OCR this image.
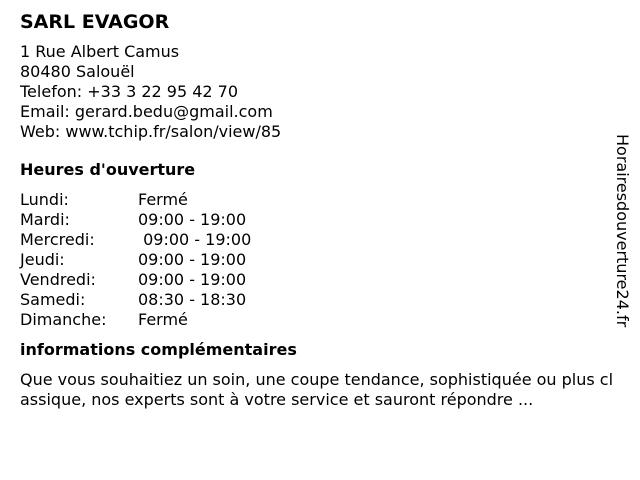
SARL EVAGOR
1 Rue Albert Camus
80480 Salouël
Telefon: +33 3 22 95 42 70
Email: gerard.bedu@gmail.com
Web: www.tchip.fr/salon/view/85
Heures d'ouverture
Lundi:	Fermé
Mardi:	09:00 - 19:00
Mercredi:	09:00 - 19:00
Jeudi:	09:00 - 19:00
Vendredi:	09:00 - 19:00
Samedi:	08:30 - 18:30
Dimanche:	Fermé
informations complémentaires
Que vous souhaitiez un soin, une coupe tendance, sophistiquée ou plus classique, nos experts sont à votre service et sauront répondre ...
Horairesdouverture24.fr
